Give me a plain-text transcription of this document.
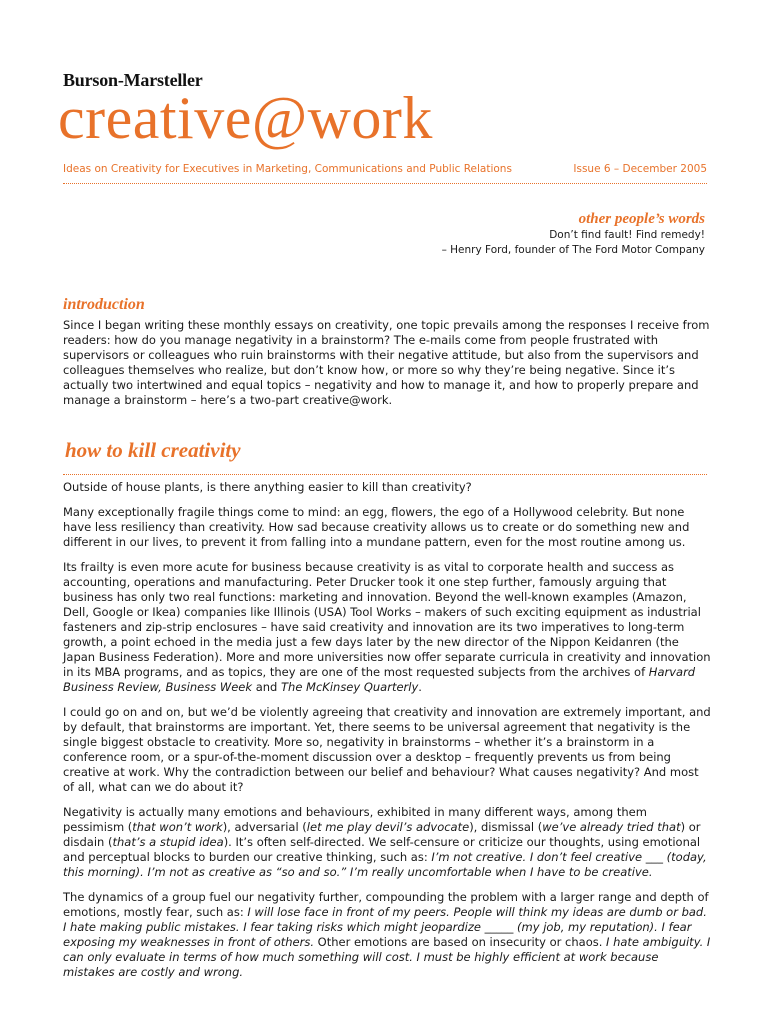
Burson-Marsteller
creative@work
Ideas on Creativity for Executives in Marketing, Communications and Public Relations	Issue 6 – December 2005
other people’s words
Don’t find fault! Find remedy!
– Henry Ford, founder of The Ford Motor Company
introduction
Since I began writing these monthly essays on creativity, one topic prevails among the responses I receive from readers: how do you manage negativity in a brainstorm? The e-mails come from people frustrated with supervisors or colleagues who ruin brainstorms with their negative attitude, but also from the supervisors and colleagues themselves who realize, but don’t know how, or more so why they’re being negative. Since it’s actually two intertwined and equal topics – negativity and how to manage it, and how to properly prepare and manage a brainstorm – here’s a two-part creative@work.
how to kill creativity

Outside of house plants, is there anything easier to kill than creativity?

Many exceptionally fragile things come to mind: an egg, flowers, the ego of a Hollywood celebrity. But none have less resiliency than creativity. How sad because creativity allows us to create or do something new and different in our lives, to prevent it from falling into a mundane pattern, even for the most routine among us.

Its frailty is even more acute for business because creativity is as vital to corporate health and success as accounting, operations and manufacturing. Peter Drucker took it one step further, famously arguing that business has only two real functions: marketing and innovation. Beyond the well-known examples (Amazon, Dell, Google or Ikea) companies like Illinois (USA) Tool Works – makers of such exciting equipment as industrial fasteners and zip-strip enclosures – have said creativity and innovation are its two imperatives to long-term growth, a point echoed in the media just a few days later by the new director of the Nippon Keidanren (the Japan Business Federation). More and more universities now offer separate curricula in creativity and innovation in its MBA programs, and as topics, they are one of the most requested subjects from the archives of Harvard Business Review, Business Week and The McKinsey Quarterly.

I could go on and on, but we’d be violently agreeing that creativity and innovation are extremely important, and by default, that brainstorms are important. Yet, there seems to be universal agreement that negativity is the single biggest obstacle to creativity. More so, negativity in brainstorms – whether it’s a brainstorm in a conference room, or a spur-of-the-moment discussion over a desktop – frequently prevents us from being creative at work. Why the contradiction between our belief and behaviour? What causes negativity? And most of all, what can we do about it?

Negativity is actually many emotions and behaviours, exhibited in many different ways, among them pessimism (that won’t work), adversarial (let me play devil’s advocate), dismissal (we’ve already tried that) or disdain (that’s a stupid idea). It’s often self-directed. We self-censure or criticize our thoughts, using emotional and perceptual blocks to burden our creative thinking, such as: I’m not creative. I don’t feel creative ___ (today, this morning). I’m not as creative as “so and so.” I’m really uncomfortable when I have to be creative.

The dynamics of a group fuel our negativity further, compounding the problem with a larger range and depth of emotions, mostly fear, such as: I will lose face in front of my peers. People will think my ideas are dumb or bad. I hate making public mistakes. I fear taking risks which might jeopardize _____ (my job, my reputation). I fear exposing my weaknesses in front of others. Other emotions are based on insecurity or chaos. I hate ambiguity. I can only evaluate in terms of how much something will cost. I must be highly efficient at work because mistakes are costly and wrong.
